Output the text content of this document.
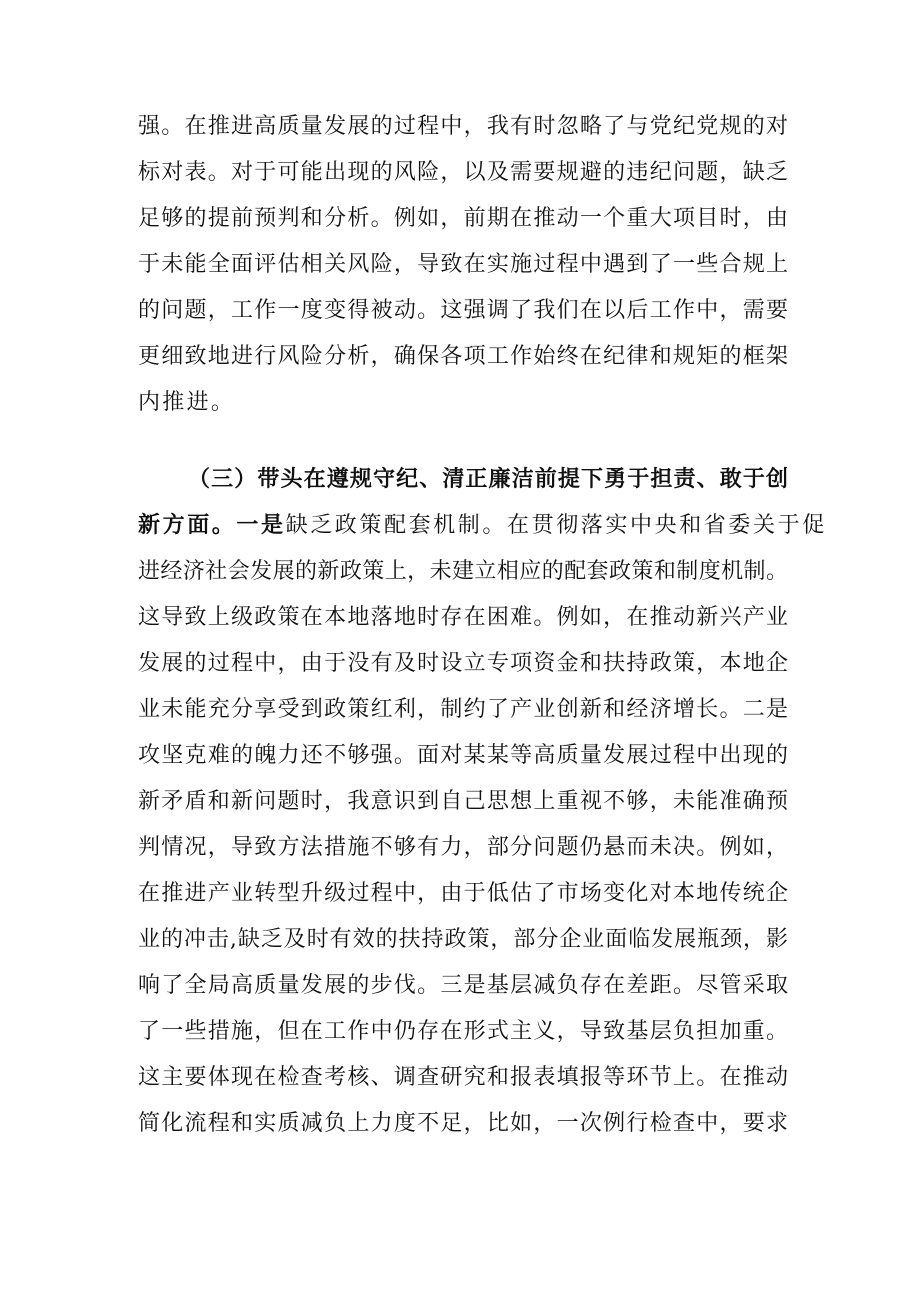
强。在推进高质量发展的过程中，我有时忽略了与党纪党规的对
标对表。对于可能出现的风险，以及需要规避的违纪问题，缺乏
足够的提前预判和分析。例如，前期在推动一个重大项目时，由
于未能全面评估相关风险，导致在实施过程中遇到了一些合规上
的问题，工作一度变得被动。这强调了我们在以后工作中，需要
更细致地进行风险分析，确保各项工作始终在纪律和规矩的框架
内推进。
（三）带头在遵规守纪、清正廉洁前提下勇于担责、敢于创
新方面。一是缺乏政策配套机制。在贯彻落实中央和省委关于促
进经济社会发展的新政策上，未建立相应的配套政策和制度机制。
这导致上级政策在本地落地时存在困难。例如，在推动新兴产业
发展的过程中，由于没有及时设立专项资金和扶持政策，本地企
业未能充分享受到政策红利，制约了产业创新和经济增长。二是
攻坚克难的魄力还不够强。面对某某等高质量发展过程中出现的
新矛盾和新问题时，我意识到自己思想上重视不够，未能准确预
判情况，导致方法措施不够有力，部分问题仍悬而未决。例如，
在推进产业转型升级过程中，由于低估了市场变化对本地传统企
业的冲击,缺乏及时有效的扶持政策，部分企业面临发展瓶颈，影
响了全局高质量发展的步伐。三是基层减负存在差距。尽管采取
了一些措施，但在工作中仍存在形式主义，导致基层负担加重。
这主要体现在检查考核、调查研究和报表填报等环节上。在推动
简化流程和实质减负上力度不足，比如，一次例行检查中，要求
